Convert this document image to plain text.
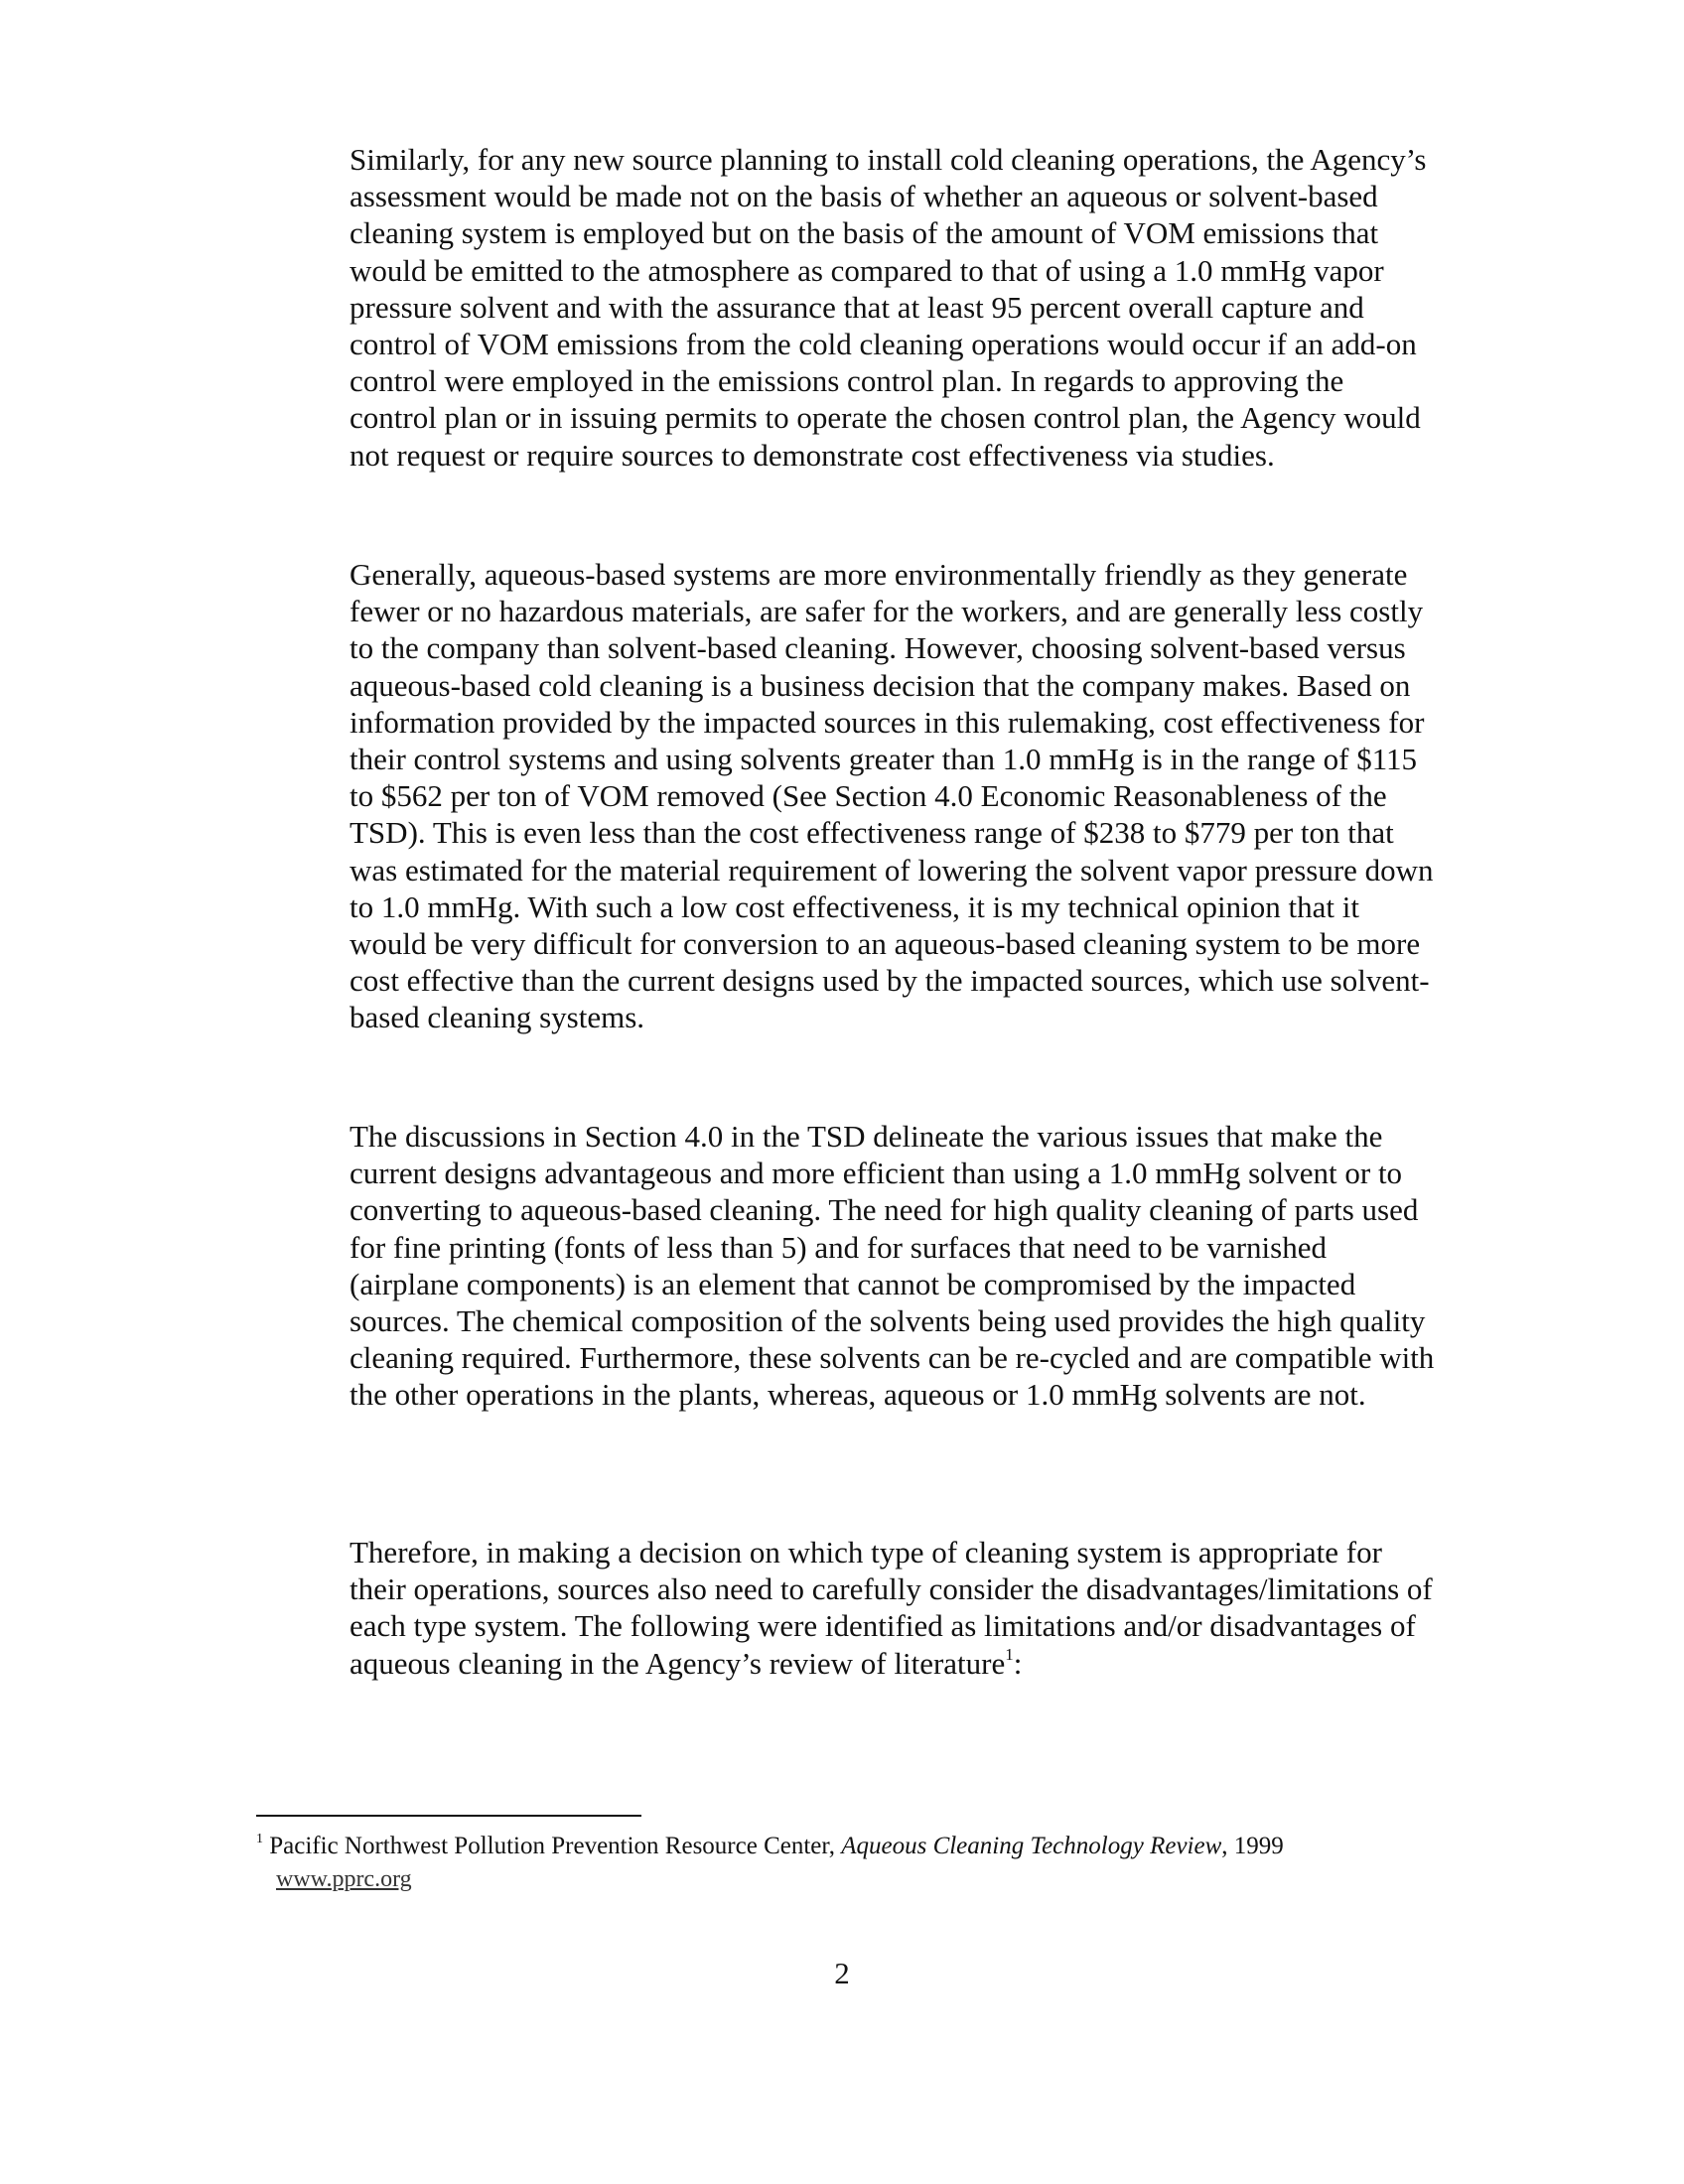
Similarly, for any new source planning to install cold cleaning operations, the Agency’s assessment would be made not on the basis of whether an aqueous or solvent-based cleaning system is employed but on the basis of the amount of VOM emissions that would be emitted to the atmosphere as compared to that of using a 1.0 mmHg vapor pressure solvent and with the assurance that at least 95 percent overall capture and control of VOM emissions from the cold cleaning operations would occur if an add-on control were employed in the emissions control plan. In regards to approving the control plan or in issuing permits to operate the chosen control plan, the Agency would not request or require sources to demonstrate cost effectiveness via studies.

Generally, aqueous-based systems are more environmentally friendly as they generate fewer or no hazardous materials, are safer for the workers, and are generally less costly to the company than solvent-based cleaning. However, choosing solvent-based versus aqueous-based cold cleaning is a business decision that the company makes. Based on information provided by the impacted sources in this rulemaking, cost effectiveness for their control systems and using solvents greater than 1.0 mmHg is in the range of $115 to $562 per ton of VOM removed (See Section 4.0 Economic Reasonableness of the TSD). This is even less than the cost effectiveness range of $238 to $779 per ton that was estimated for the material requirement of lowering the solvent vapor pressure down to 1.0 mmHg. With such a low cost effectiveness, it is my technical opinion that it would be very difficult for conversion to an aqueous-based cleaning system to be more cost effective than the current designs used by the impacted sources, which use solvent-based cleaning systems.

The discussions in Section 4.0 in the TSD delineate the various issues that make the current designs advantageous and more efficient than using a 1.0 mmHg solvent or to converting to aqueous-based cleaning. The need for high quality cleaning of parts used for fine printing (fonts of less than 5) and for surfaces that need to be varnished (airplane components) is an element that cannot be compromised by the impacted sources. The chemical composition of the solvents being used provides the high quality cleaning required. Furthermore, these solvents can be re-cycled and are compatible with the other operations in the plants, whereas, aqueous or 1.0 mmHg solvents are not.

Therefore, in making a decision on which type of cleaning system is appropriate for their operations, sources also need to carefully consider the disadvantages/limitations of each type system. The following were identified as limitations and/or disadvantages of aqueous cleaning in the Agency’s review of literature$^1$:

$^1$ Pacific Northwest Pollution Prevention Resource Center, Aqueous Cleaning Technology Review, 1999
www.pprc.org
2
